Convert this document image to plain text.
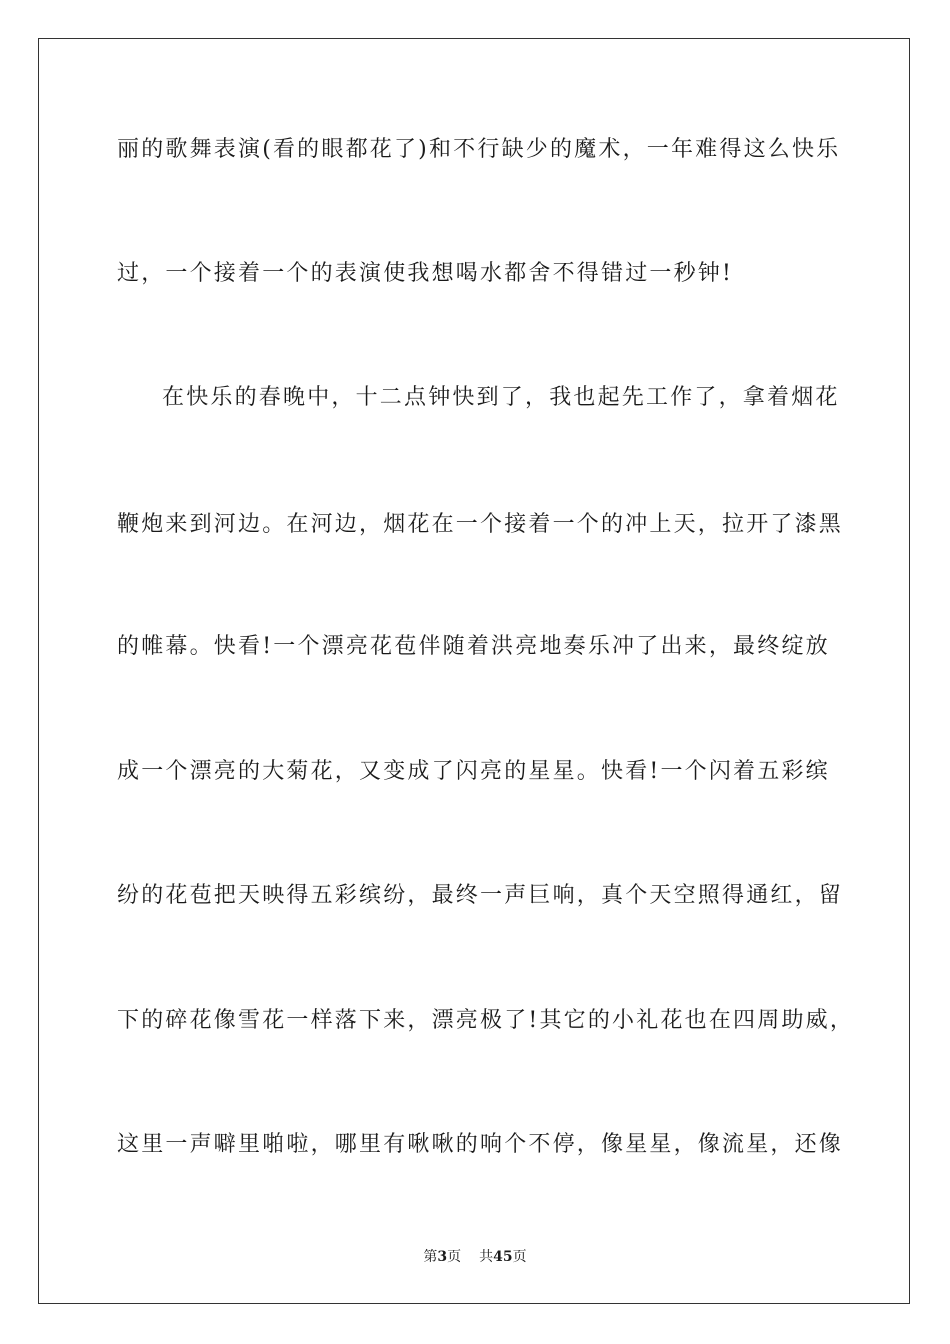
丽的歌舞表演(看的眼都花了)和不行缺少的魔术，一年难得这么快乐
过，一个接着一个的表演使我想喝水都舍不得错过一秒钟!
在快乐的春晚中，十二点钟快到了，我也起先工作了，拿着烟花
鞭炮来到河边。在河边，烟花在一个接着一个的冲上天，拉开了漆黑
的帷幕。快看!一个漂亮花苞伴随着洪亮地奏乐冲了出来，最终绽放
成一个漂亮的大菊花，又变成了闪亮的星星。快看!一个闪着五彩缤
纷的花苞把天映得五彩缤纷，最终一声巨响，真个天空照得通红，留
下的碎花像雪花一样落下来，漂亮极了!其它的小礼花也在四周助威，
这里一声噼里啪啦，哪里有啾啾的响个不停，像星星，像流星，还像
第3页 共45页
